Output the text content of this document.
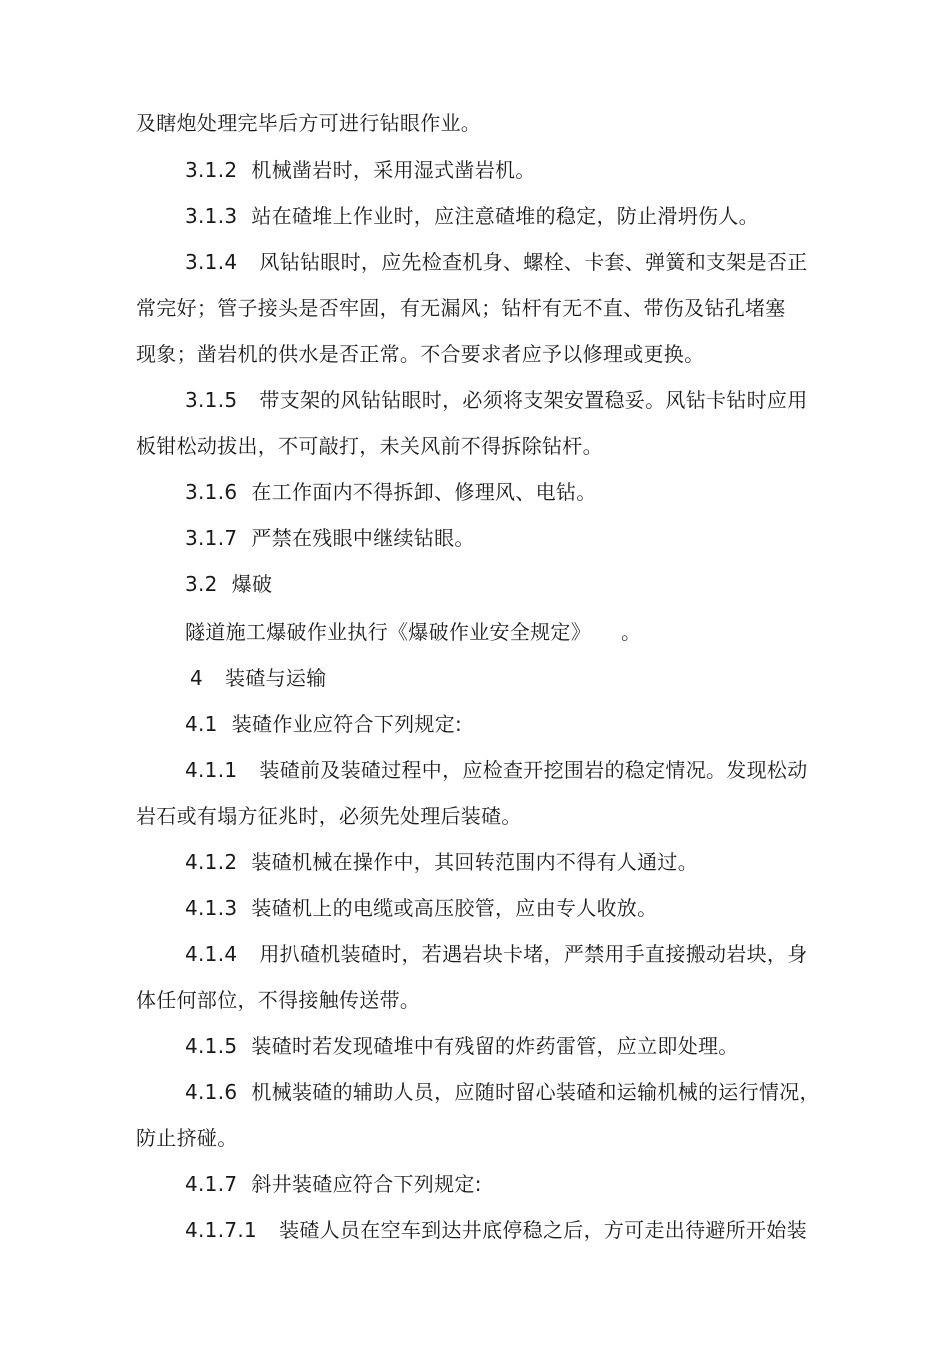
及瞎炮处理完毕后方可进行钻眼作业。
3.1.2 机械凿岩时，采用湿式凿岩机。
3.1.3 站在碴堆上作业时，应注意碴堆的稳定，防止滑坍伤人。
3.1.4 风钻钻眼时，应先检查机身、螺栓、卡套、弹簧和支架是否正
常完好；管子接头是否牢固，有无漏风；钻杆有无不直、带伤及钻孔堵塞
现象；凿岩机的供水是否正常。不合要求者应予以修理或更换。
3.1.5 带支架的风钻钻眼时，必须将支架安置稳妥。风钻卡钻时应用
板钳松动拔出，不可敲打，未关风前不得拆除钻杆。
3.1.6 在工作面内不得拆卸、修理风、电钻。
3.1.7 严禁在残眼中继续钻眼。
3.2 爆破
隧道施工爆破作业执行《爆破作业安全规定》 。
4 装碴与运输
4.1 装碴作业应符合下列规定:
4.1.1 装碴前及装碴过程中，应检查开挖围岩的稳定情况。发现松动
岩石或有塌方征兆时，必须先处理后装碴。
4.1.2 装碴机械在操作中，其回转范围内不得有人通过。
4.1.3 装碴机上的电缆或高压胶管，应由专人收放。
4.1.4 用扒碴机装碴时，若遇岩块卡堵，严禁用手直接搬动岩块，身
体任何部位，不得接触传送带。
4.1.5 装碴时若发现碴堆中有残留的炸药雷管，应立即处理。
4.1.6 机械装碴的辅助人员，应随时留心装碴和运输机械的运行情况，
防止挤碰。
4.1.7 斜井装碴应符合下列规定:
4.1.7.1 装碴人员在空车到达井底停稳之后，方可走出待避所开始装
